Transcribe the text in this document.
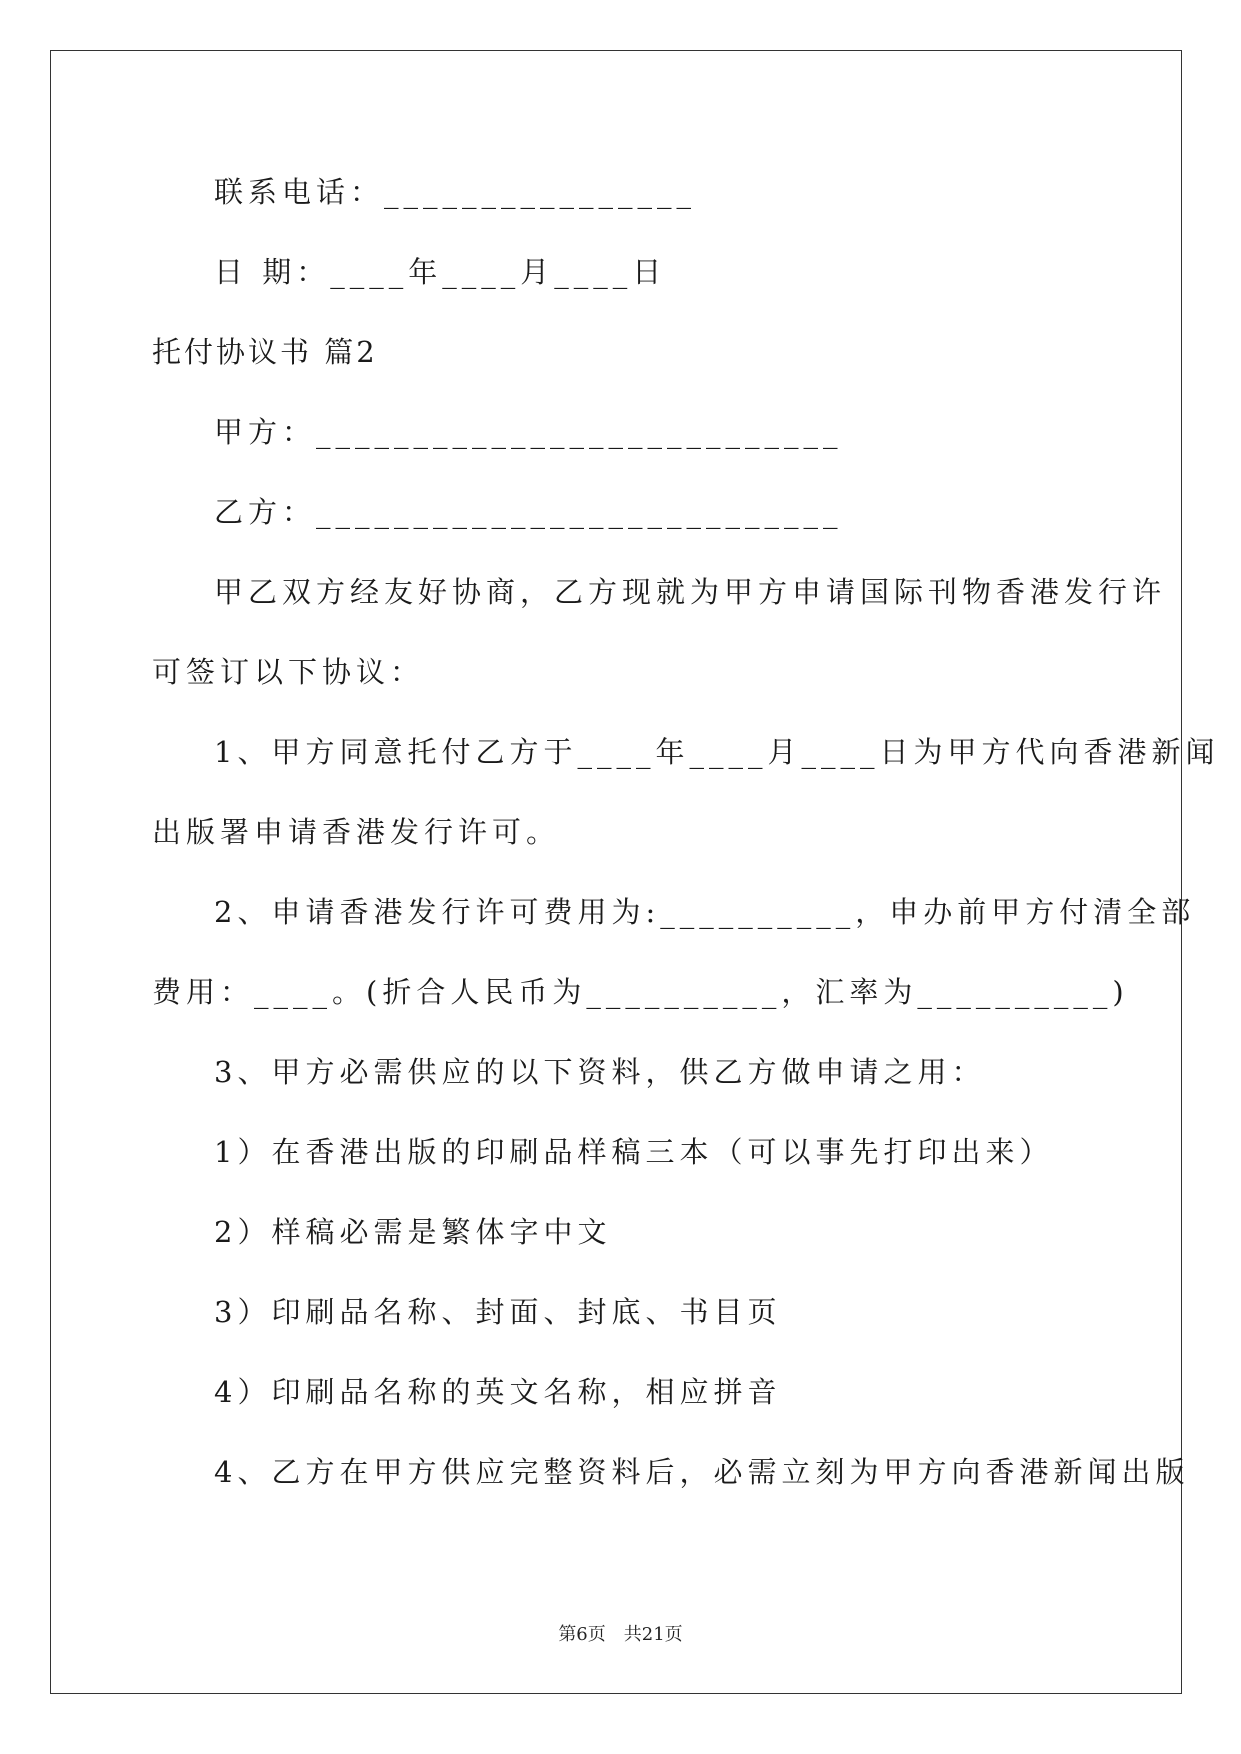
联系电话：________________
日 期：____年____月____日
托付协议书 篇2
甲方：___________________________
乙方：___________________________
甲乙双方经友好协商，乙方现就为甲方申请国际刊物香港发行许
可签订以下协议：
1、甲方同意托付乙方于____年____月____日为甲方代向香港新闻
出版署申请香港发行许可。
2、申请香港发行许可费用为:__________，申办前甲方付清全部
费用：____。(折合人民币为__________，汇率为__________)
3、甲方必需供应的以下资料，供乙方做申请之用：
1）在香港出版的印刷品样稿三本（可以事先打印出来）
2）样稿必需是繁体字中文
3）印刷品名称、封面、封底、书目页
4）印刷品名称的英文名称，相应拼音
4、乙方在甲方供应完整资料后，必需立刻为甲方向香港新闻出版
第6页　共21页
